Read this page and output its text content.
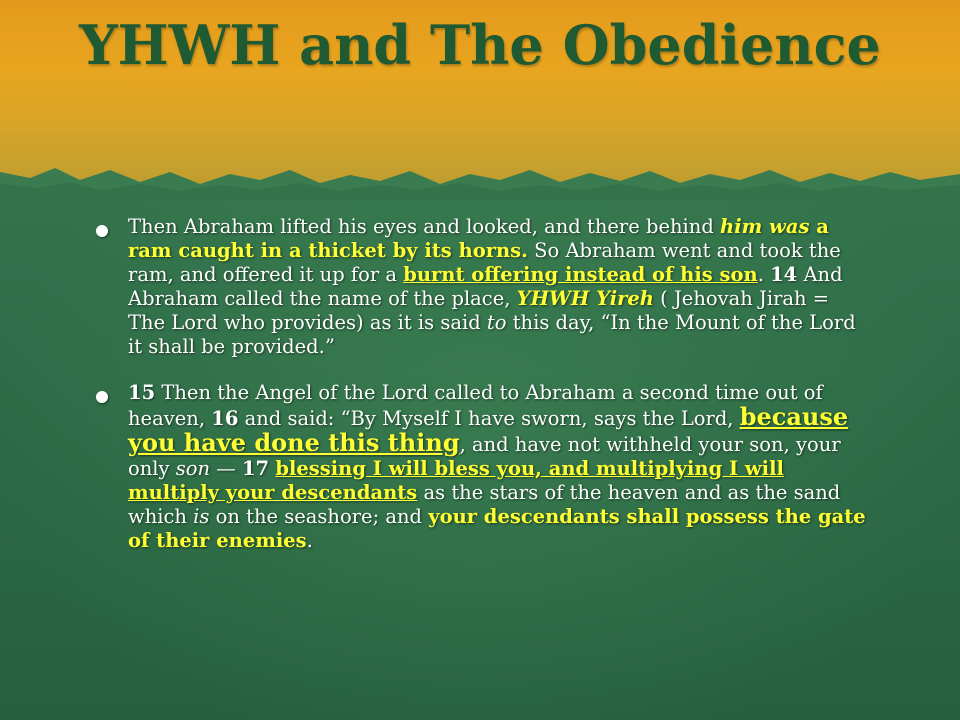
YHWH and The Obedience

Then Abraham lifted his eyes and looked, and there behind him was a ram caught in a thicket by its horns. So Abraham went and took the ram, and offered it up for a burnt offering instead of his son. 14 And Abraham called the name of the place, YHWH Yireh ( Jehovah Jirah = The Lord who provides) as it is said to this day, “In the Mount of the Lord it shall be provided.”

15 Then the Angel of the Lord called to Abraham a second time out of heaven, 16 and said: “By Myself I have sworn, says the Lord, because you have done this thing, and have not withheld your son, your only son — 17 blessing I will bless you, and multiplying I will multiply your descendants as the stars of the heaven and as the sand which is on the seashore; and your descendants shall possess the gate of their enemies.
